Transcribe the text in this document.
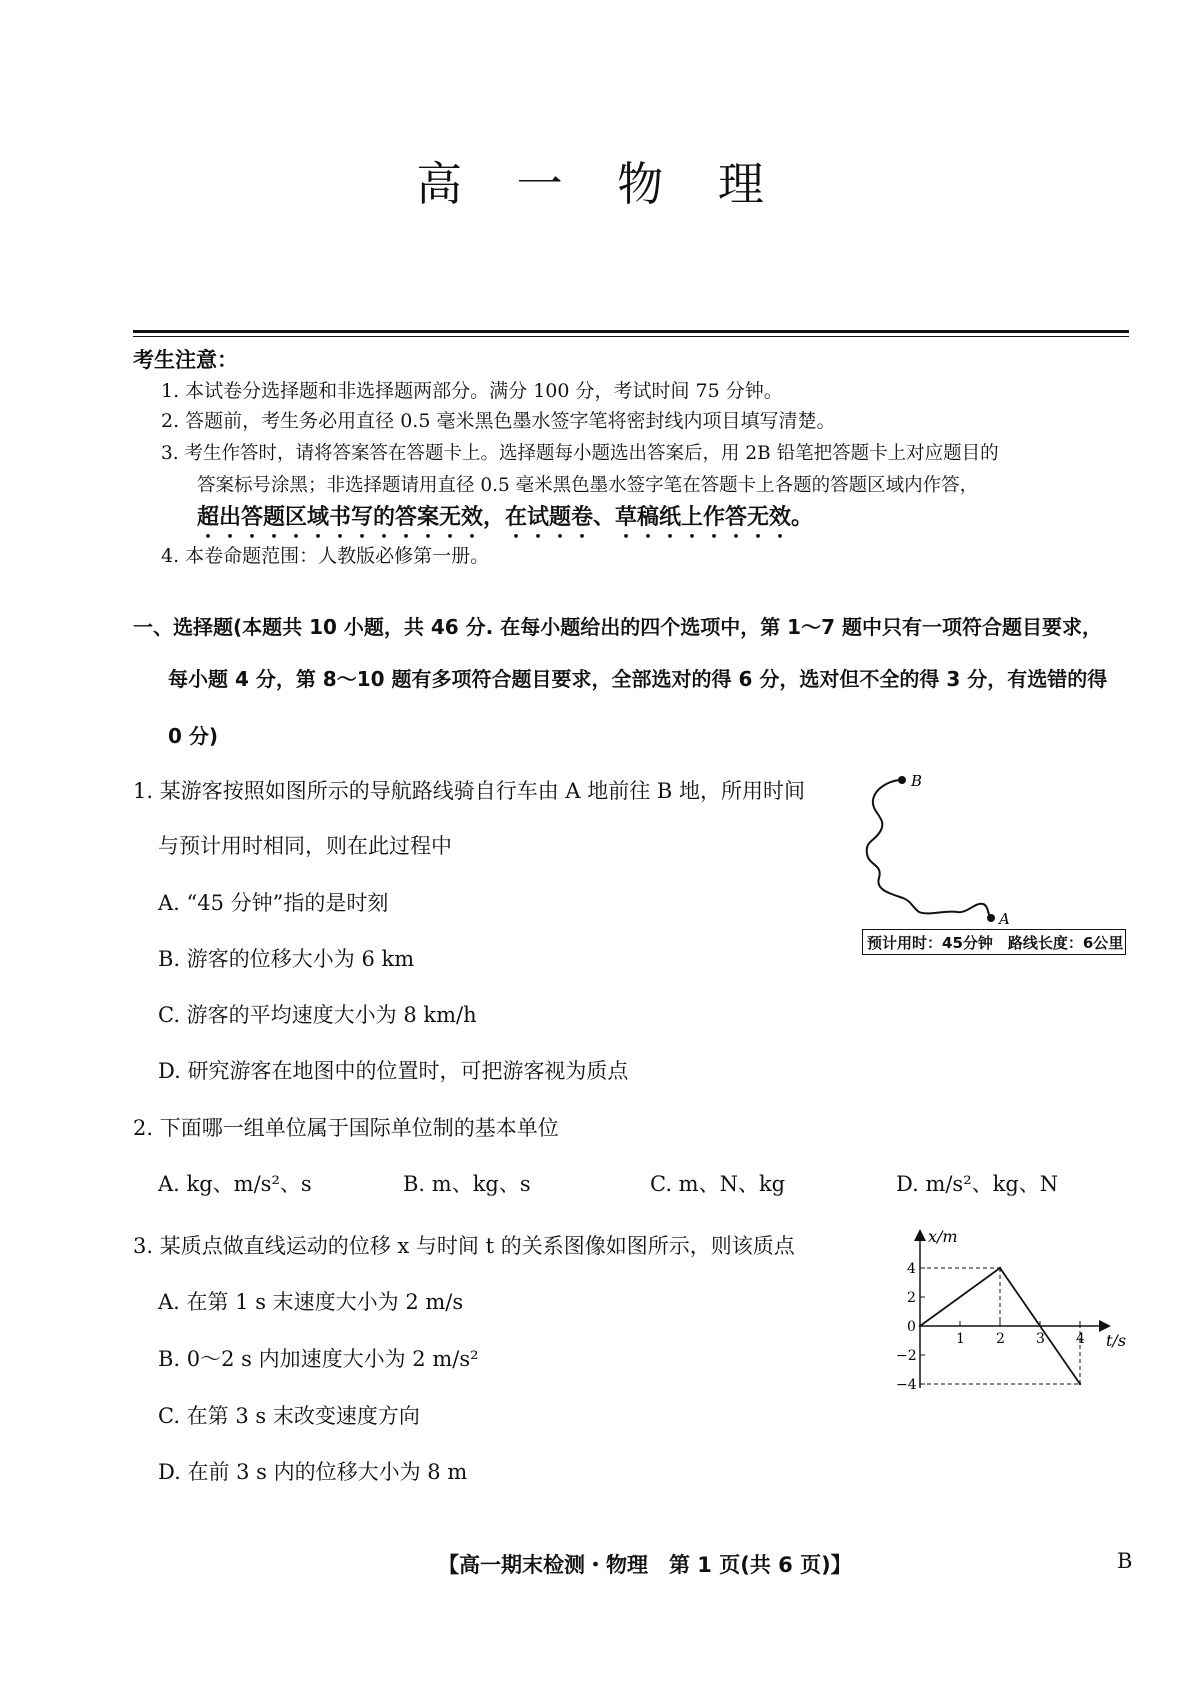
高 一 物 理
考生注意：
1. 本试卷分选择题和非选择题两部分。满分 100 分，考试时间 75 分钟。
2. 答题前，考生务必用直径 0.5 毫米黑色墨水签字笔将密封线内项目填写清楚。
3. 考生作答时，请将答案答在答题卡上。选择题每小题选出答案后，用 2B 铅笔把答题卡上对应题目的
答案标号涂黑；非选择题请用直径 0.5 毫米黑色墨水签字笔在答题卡上各题的答题区域内作答，
超出答题区域书写的答案无效，在试题卷、草稿纸上作答无效。
4. 本卷命题范围：人教版必修第一册。
一、选择题(本题共 10 小题，共 46 分. 在每小题给出的四个选项中，第 1～7 题中只有一项符合题目要求，
每小题 4 分，第 8～10 题有多项符合题目要求，全部选对的得 6 分，选对但不全的得 3 分，有选错的得
0 分)
1. 某游客按照如图所示的导航路线骑自行车由 A 地前往 B 地，所用时间
与预计用时相同，则在此过程中
A. “45 分钟”指的是时刻
B. 游客的位移大小为 6 km
C. 游客的平均速度大小为 8 km/h
D. 研究游客在地图中的位置时，可把游客视为质点
B
A
预计用时：45分钟　路线长度：6公里
2. 下面哪一组单位属于国际单位制的基本单位
A. kg、m/s²、s	B. m、kg、s	C. m、N、kg	D. m/s²、kg、N
3. 某质点做直线运动的位移 x 与时间 t 的关系图像如图所示，则该质点
A. 在第 1 s 末速度大小为 2 m/s
B. 0～2 s 内加速度大小为 2 m/s²
C. 在第 3 s 末改变速度方向
D. 在前 3 s 内的位移大小为 8 m
1 2 3 4
4
2
0
−2
−4
x/m
t/s
【高一期末检测・物理　第 1 页(共 6 页)】	B
